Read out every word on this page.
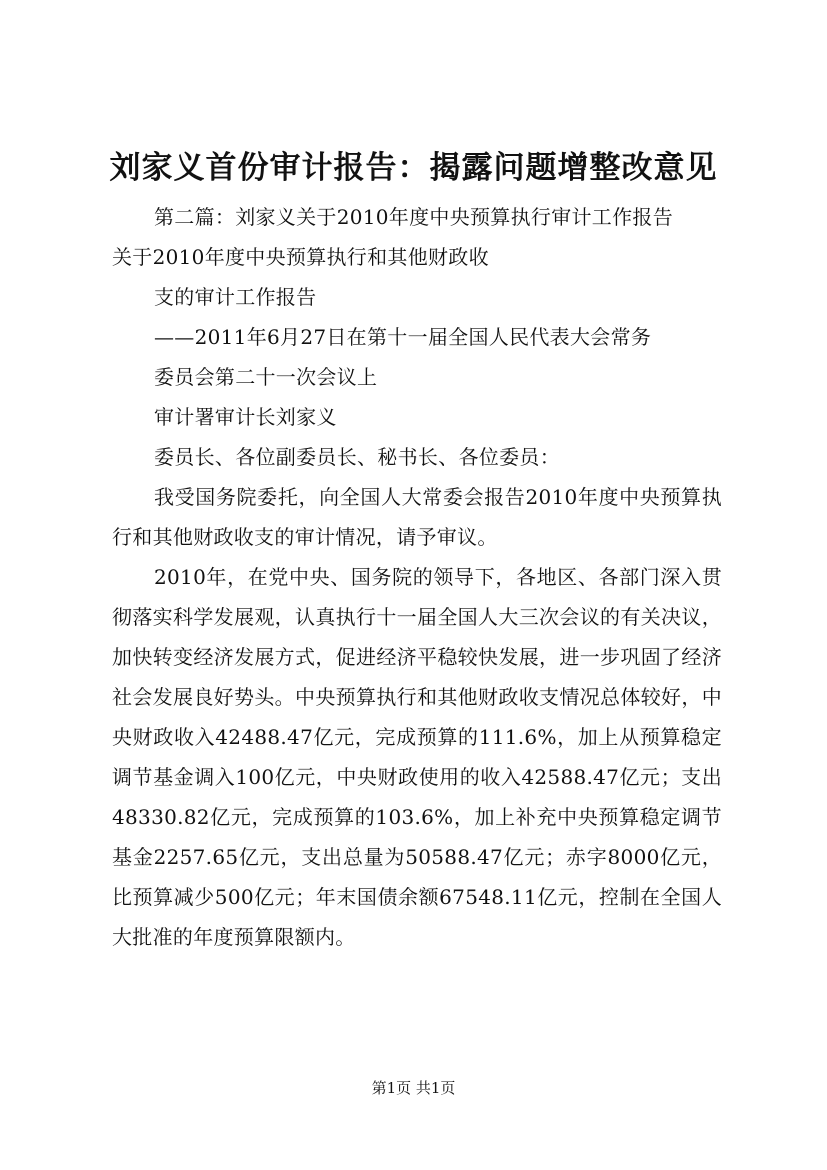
刘家义首份审计报告：揭露问题增整改意见

第二篇：刘家义关于2010年度中央预算执行审计工作报告

关于2010年度中央预算执行和其他财政收

支的审计工作报告

——2011年6月27日在第十一届全国人民代表大会常务

委员会第二十一次会议上

审计署审计长刘家义

委员长、各位副委员长、秘书长、各位委员：

我受国务院委托，向全国人大常委会报告2010年度中央预算执行和其他财政收支的审计情况，请予审议。

2010年，在党中央、国务院的领导下，各地区、各部门深入贯彻落实科学发展观，认真执行十一届全国人大三次会议的有关决议，加快转变经济发展方式，促进经济平稳较快发展，进一步巩固了经济社会发展良好势头。中央预算执行和其他财政收支情况总体较好，中央财政收入42488.47亿元，完成预算的111.6%，加上从预算稳定调节基金调入100亿元，中央财政使用的收入42588.47亿元；支出48330.82亿元，完成预算的103.6%，加上补充中央预算稳定调节基金2257.65亿元，支出总量为50588.47亿元；赤字8000亿元，比预算减少500亿元；年末国债余额67548.11亿元，控制在全国人大批准的年度预算限额内。

第1页 共1页
